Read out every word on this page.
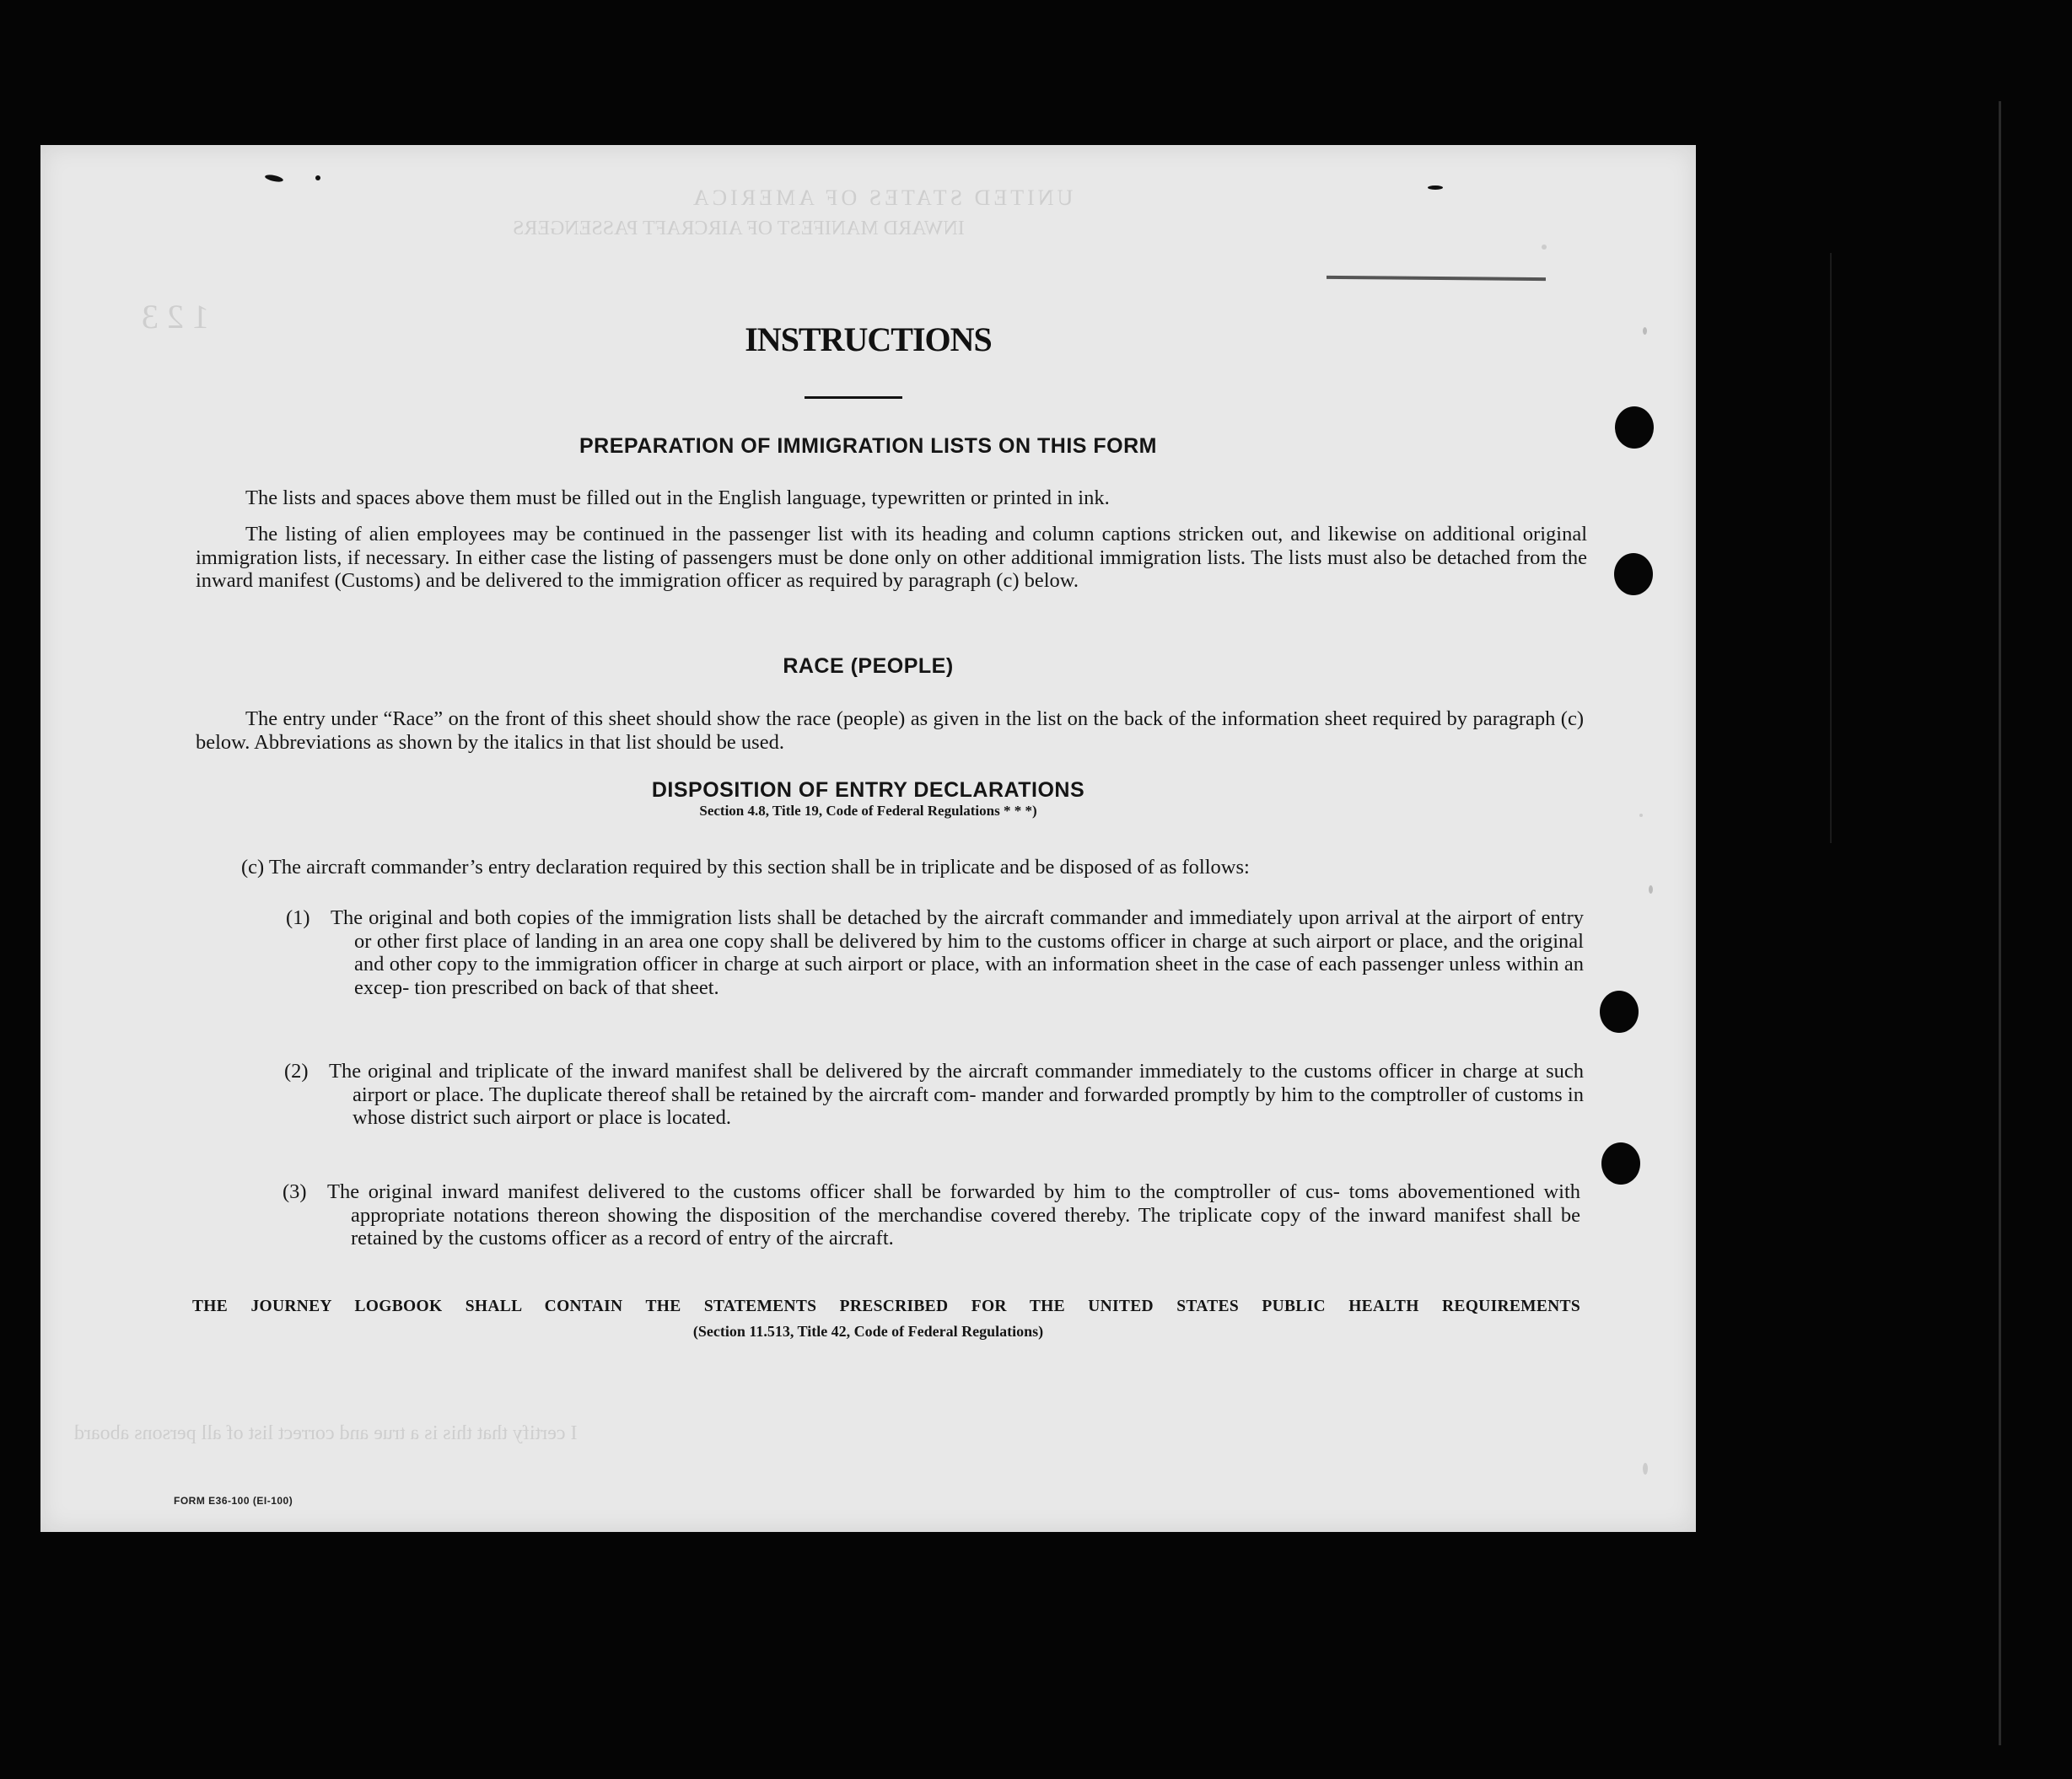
UNITED STATES OF AMERICA
INWARD MANIFEST OF AIRCRAFT PASSENGERS
1 2 3
I certify that this is a true and correct list of all persons aboard
INSTRUCTIONS
PREPARATION OF IMMIGRATION LISTS ON THIS FORM

The lists and spaces above them must be filled out in the English language, typewritten or printed in ink.

The listing of alien employees may be continued in the passenger list with its heading and column captions stricken out, and likewise on additional original immigration lists, if necessary. In either case the listing of passengers must be done only on other additional immigration lists. The lists must also be detached from the inward manifest (Customs) and be delivered to the immigration officer as required by paragraph (c) below.

RACE (PEOPLE)

The entry under “Race” on the front of this sheet should show the race (people) as given in the list on the back of the information sheet required by paragraph (c) below. Abbreviations as shown by the italics in that list should be used.

DISPOSITION OF ENTRY DECLARATIONS
Section 4.8, Title 19, Code of Federal Regulations * * *)

(c) The aircraft commander’s entry declaration required by this section shall be in triplicate and be disposed of as follows:

(1) The original and both copies of the immigration lists shall be detached by the aircraft commander and immediately upon arrival at the airport of entry or other first place of landing in an area one copy shall be delivered by him to the customs officer in charge at such airport or place, and the original and other copy to the immigration officer in charge at such airport or place, with an information sheet in the case of each passenger unless within an excep- tion prescribed on back of that sheet.

(2) The original and triplicate of the inward manifest shall be delivered by the aircraft commander immediately to the customs officer in charge at such airport or place. The duplicate thereof shall be retained by the aircraft com- mander and forwarded promptly by him to the comptroller of customs in whose district such airport or place is located.

(3) The original inward manifest delivered to the customs officer shall be forwarded by him to the comptroller of cus- toms abovementioned with appropriate notations thereon showing the disposition of the merchandise covered thereby. The triplicate copy of the inward manifest shall be retained by the customs officer as a record of entry of the aircraft.

THE JOURNEY LOGBOOK SHALL CONTAIN THE STATEMENTS PRESCRIBED FOR THE UNITED STATES PUBLIC HEALTH REQUIREMENTS
(Section 11.513, Title 42, Code of Federal Regulations)
FORM E36-100 (EI-100)
